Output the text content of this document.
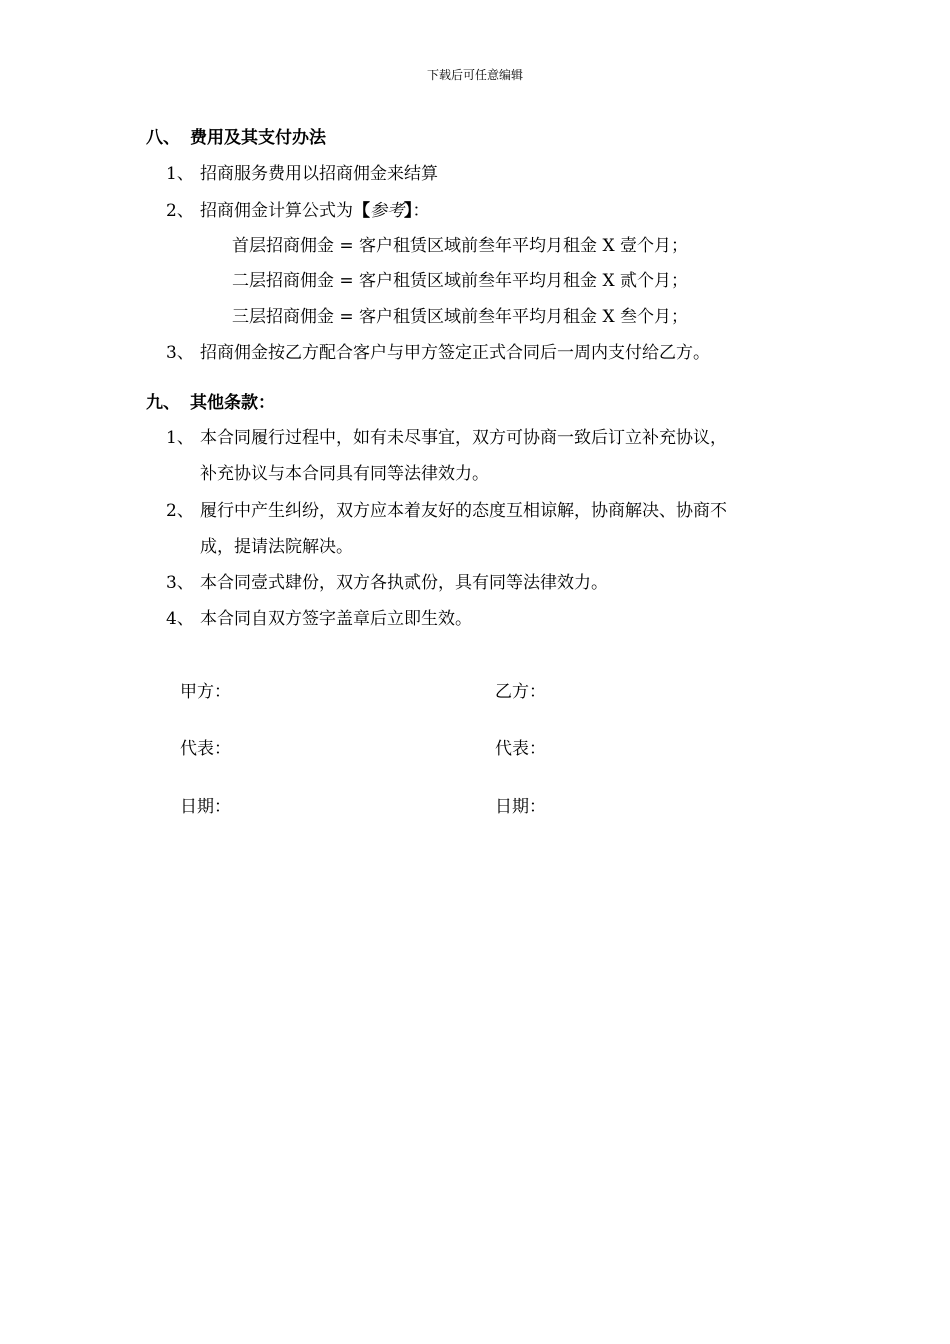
下载后可任意编辑
八、 费用及其支付办法
1、 招商服务费用以招商佣金来结算
2、 招商佣金计算公式为【参考】：
首层招商佣金 = 客户租赁区域前叁年平均月租金 X 壹个月；
二层招商佣金 = 客户租赁区域前叁年平均月租金 X 贰个月；
三层招商佣金 = 客户租赁区域前叁年平均月租金 X 叁个月；
3、 招商佣金按乙方配合客户与甲方签定正式合同后一周内支付给乙方。
九、 其他条款：
1、 本合同履行过程中，如有未尽事宜，双方可协商一致后订立补充协议，
补充协议与本合同具有同等法律效力。
2、 履行中产生纠纷，双方应本着友好的态度互相谅解，协商解决、协商不
成，提请法院解决。
3、 本合同壹式肆份，双方各执贰份，具有同等法律效力。
4、 本合同自双方签字盖章后立即生效。
甲方：	乙方：
代表：	代表：
日期：	日期：
